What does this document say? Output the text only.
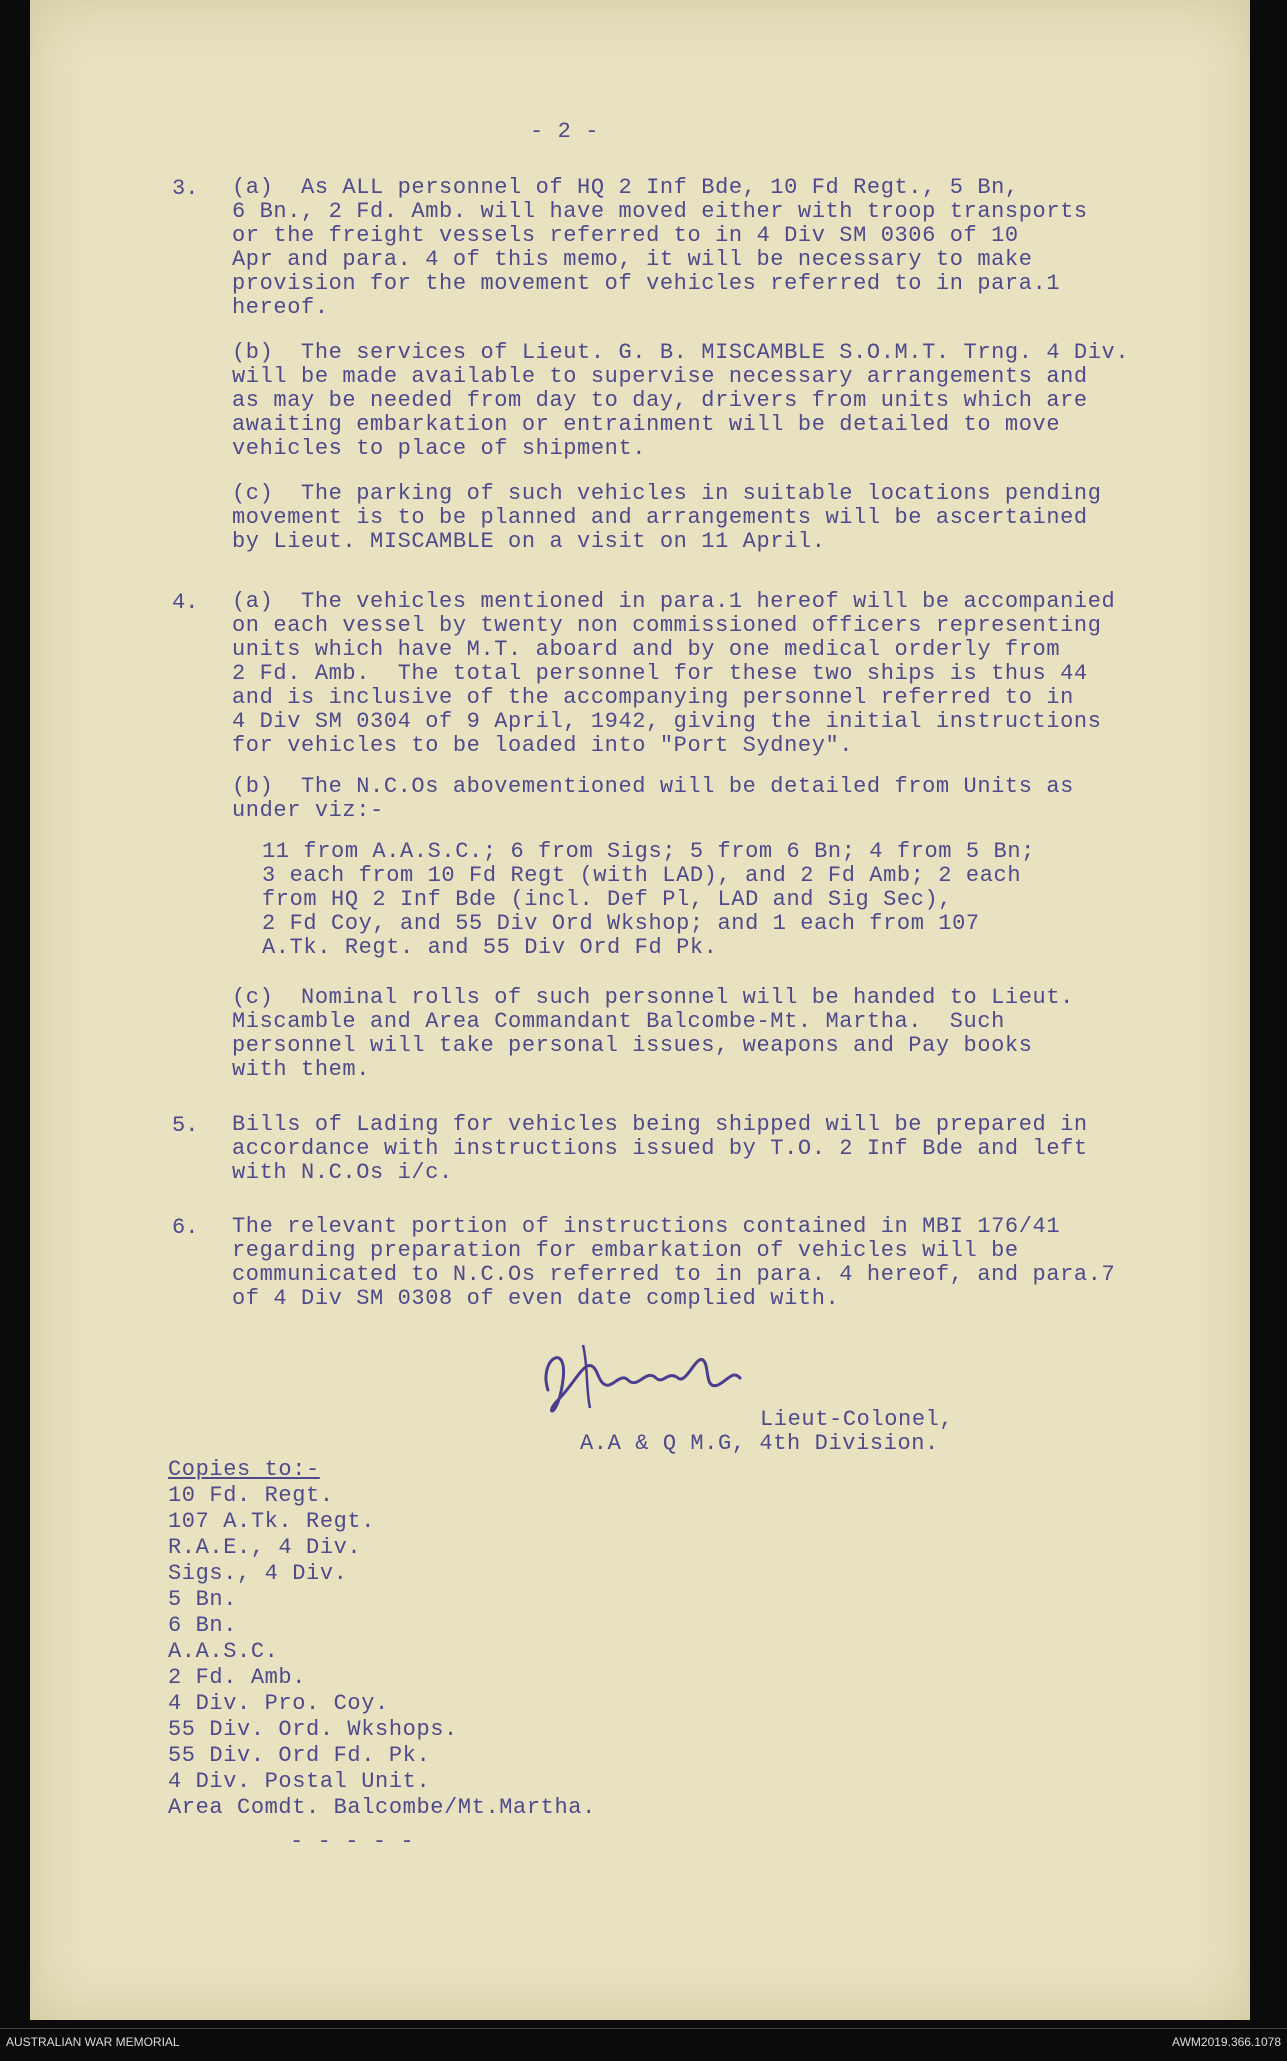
- 2 -
3. (a)  As ALL personnel of HQ 2 Inf Bde, 10 Fd Regt., 5 Bn,
6 Bn., 2 Fd. Amb. will have moved either with troop transports
or the freight vessels referred to in 4 Div SM 0306 of 10
Apr and para. 4 of this memo, it will be necessary to make
provision for the movement of vehicles referred to in para.1
hereof.
(b)  The services of Lieut. G. B. MISCAMBLE S.O.M.T. Trng. 4 Div.
will be made available to supervise necessary arrangements and
as may be needed from day to day, drivers from units which are
awaiting embarkation or entrainment will be detailed to move
vehicles to place of shipment.
(c)  The parking of such vehicles in suitable locations pending
movement is to be planned and arrangements will be ascertained
by Lieut. MISCAMBLE on a visit on 11 April.
4. (a)  The vehicles mentioned in para.1 hereof will be accompanied
on each vessel by twenty non commissioned officers representing
units which have M.T. aboard and by one medical orderly from
2 Fd. Amb.  The total personnel for these two ships is thus 44
and is inclusive of the accompanying personnel referred to in
4 Div SM 0304 of 9 April, 1942, giving the initial instructions
for vehicles to be loaded into "Port Sydney".
(b)  The N.C.Os abovementioned will be detailed from Units as
under viz:-
11 from A.A.S.C.; 6 from Sigs; 5 from 6 Bn; 4 from 5 Bn;
3 each from 10 Fd Regt (with LAD), and 2 Fd Amb; 2 each
from HQ 2 Inf Bde (incl. Def Pl, LAD and Sig Sec),
2 Fd Coy, and 55 Div Ord Wkshop; and 1 each from 107
A.Tk. Regt. and 55 Div Ord Fd Pk.
(c)  Nominal rolls of such personnel will be handed to Lieut.
Miscamble and Area Commandant Balcombe-Mt. Martha.  Such
personnel will take personal issues, weapons and Pay books
with them.
5. Bills of Lading for vehicles being shipped will be prepared in
accordance with instructions issued by T.O. 2 Inf Bde and left
with N.C.Os i/c.
6. The relevant portion of instructions contained in MBI 176/41
regarding preparation for embarkation of vehicles will be
communicated to N.C.Os referred to in para. 4 hereof, and para.7
of 4 Div SM 0308 of even date complied with.
Lieut-Colonel,
A.A & Q M.G, 4th Division.
Copies to:-
10 Fd. Regt.
107 A.Tk. Regt.
R.A.E., 4 Div.
Sigs., 4 Div.
5 Bn.
6 Bn.
A.A.S.C.
2 Fd. Amb.
4 Div. Pro. Coy.
55 Div. Ord. Wkshops.
55 Div. Ord Fd. Pk.
4 Div. Postal Unit.
Area Comdt. Balcombe/Mt.Martha.
- - - - -
AUSTRALIAN WAR MEMORIAL	AWM2019.366.1078
